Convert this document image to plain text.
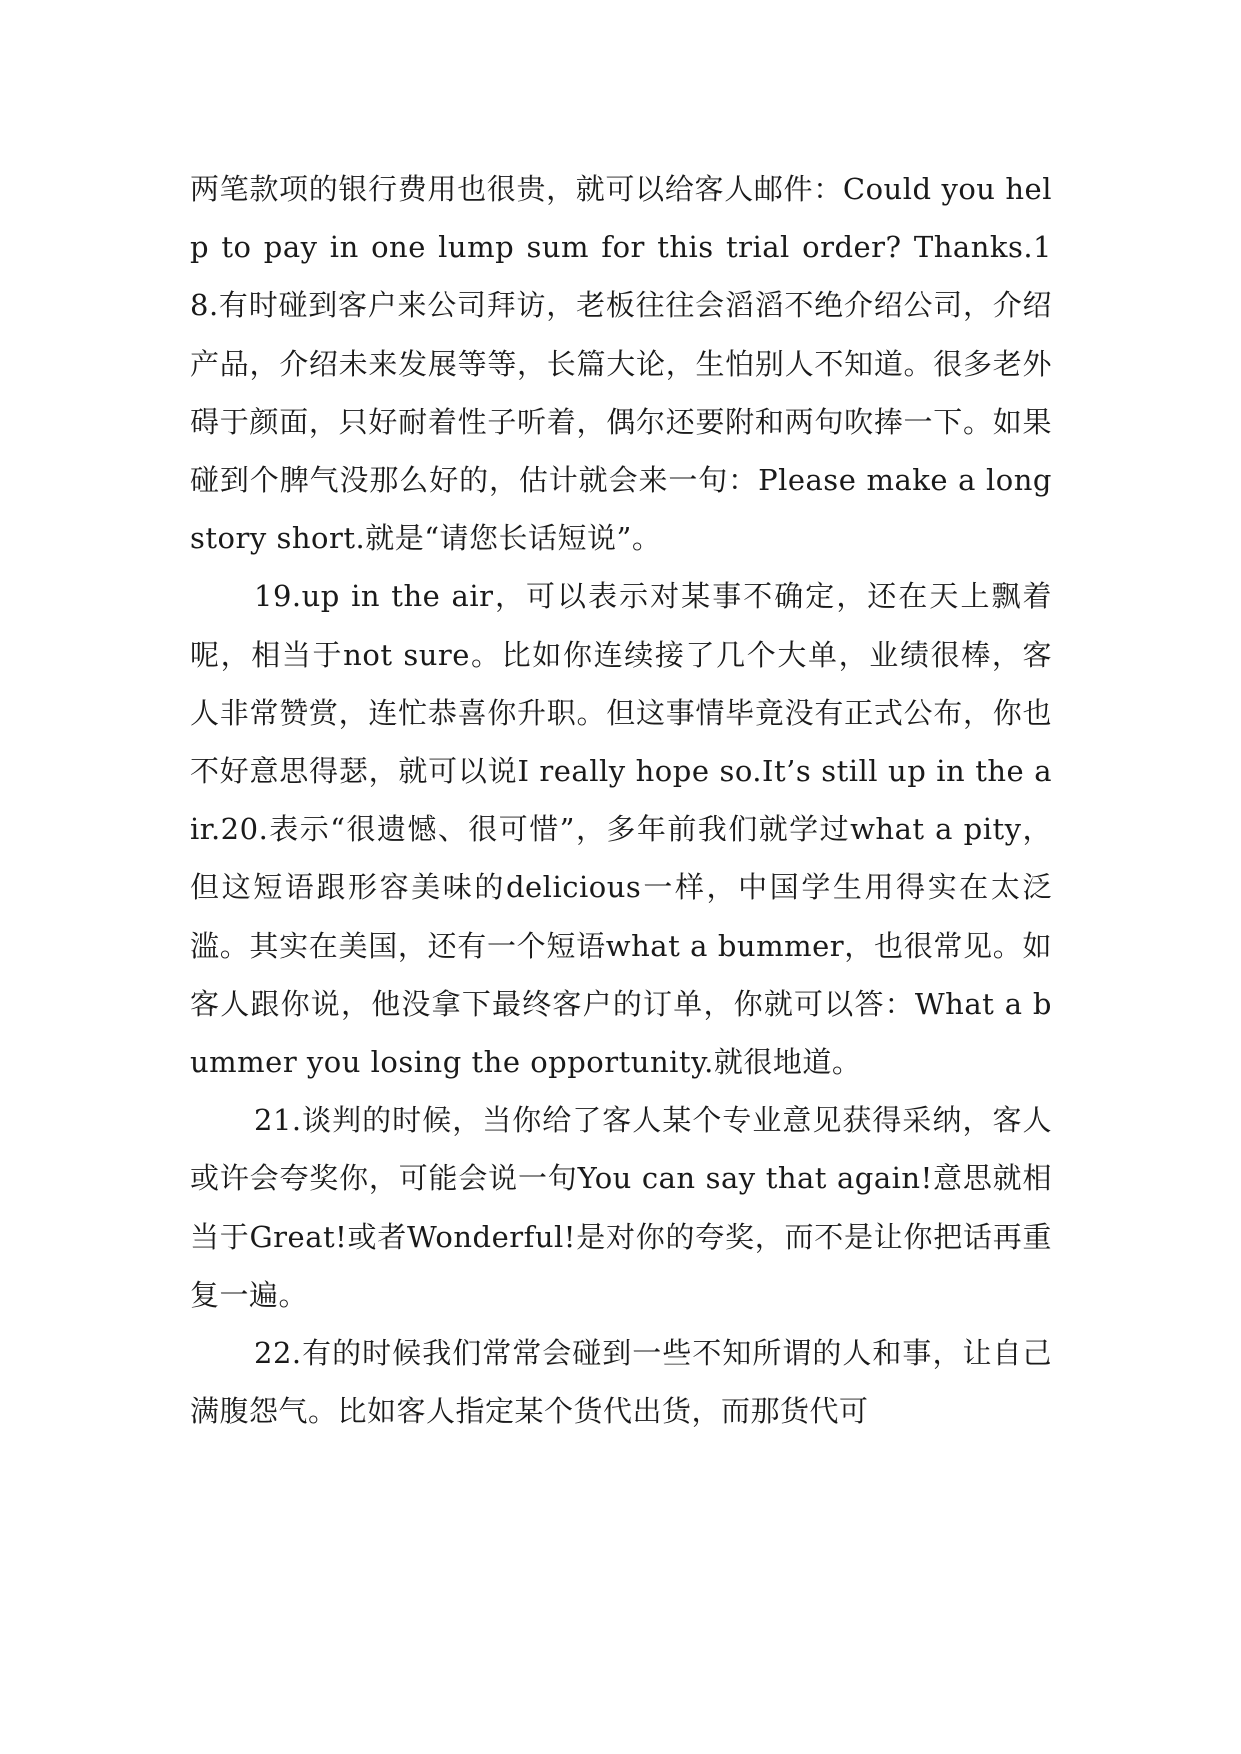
两笔款项的银行费用也很贵，就可以给客人邮件：Could you help to pay in one lump sum for this trial order? Thanks.18.有时碰到客户来公司拜访，老板往往会滔滔不绝介绍公司，介绍产品，介绍未来发展等等，长篇大论，生怕别人不知道。很多老外碍于颜面，只好耐着性子听着，偶尔还要附和两句吹捧一下。如果碰到个脾气没那么好的，估计就会来一句：Please make a long story short.就是“请您长话短说”。

19.up in the air，可以表示对某事不确定，还在天上飘着呢，相当于not sure。比如你连续接了几个大单，业绩很棒，客人非常赞赏，连忙恭喜你升职。但这事情毕竟没有正式公布，你也不好意思得瑟，就可以说I really hope so.It’s still up in the air.20.表示“很遗憾、很可惜”，多年前我们就学过what a pity，但这短语跟形容美味的delicious一样，中国学生用得实在太泛滥。其实在美国，还有一个短语what a bummer，也很常见。如客人跟你说，他没拿下最终客户的订单，你就可以答：What a bummer you losing the opportunity.就很地道。

21.谈判的时候，当你给了客人某个专业意见获得采纳，客人或许会夸奖你，可能会说一句You can say that again!意思就相当于Great!或者Wonderful!是对你的夸奖，而不是让你把话再重复一遍。

22.有的时候我们常常会碰到一些不知所谓的人和事，让自己满腹怨气。比如客人指定某个货代出货，而那货代可
